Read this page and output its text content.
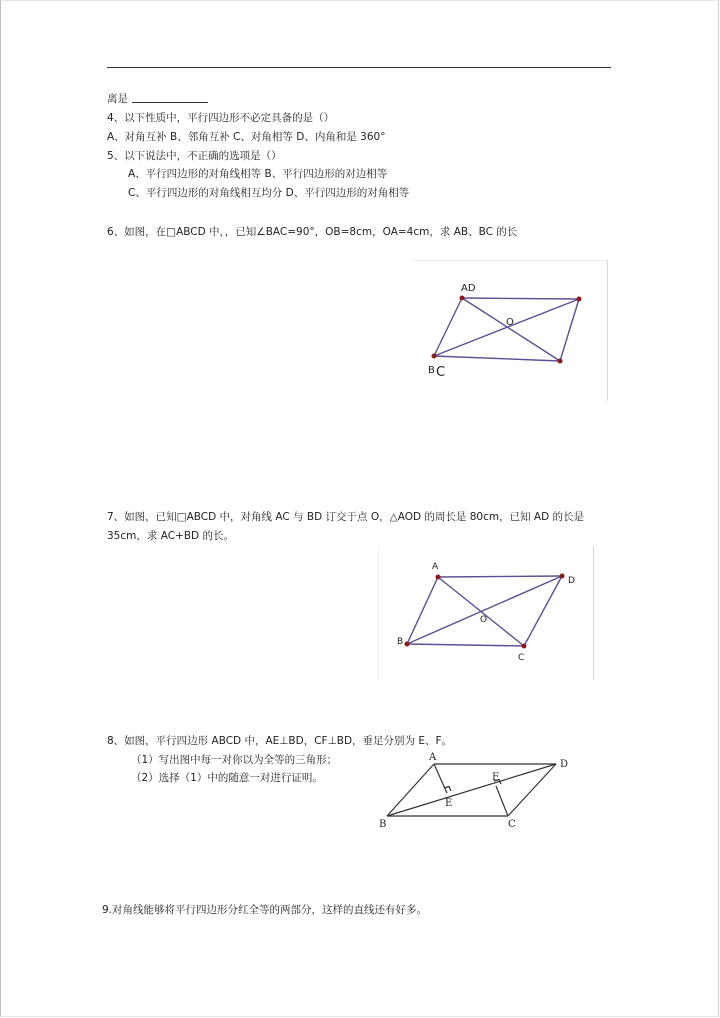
离是
4、以下性质中，平行四边形不必定具备的是（）
A、对角互补 B、邻角互补 C、对角相等 D、内角和是 360°
5、以下说法中，不正确的选项是（）
A、平行四边形的对角线相等 B、平行四边形的对边相等
C、平行四边形的对角线相互均分 D、平行四边形的对角相等
6、如图，在□ABCD 中，，已知∠BAC=90°，OB=8cm，OA=4cm，求 AB、BC 的长
AD
O
B C
7、如图，已知□ABCD 中，对角线 AC 与 BD 订交于点 O，△AOD 的周长是 80cm，已知 AD 的长是
35cm，求 AC+BD 的长。
A
D
O
B
C
8、如图，平行四边形 ABCD 中，AE⊥BD，CF⊥BD，垂足分别为 E、F。
（1）写出图中每一对你以为全等的三角形；
（2）选择（1）中的随意一对进行证明。
A
D
B	C
E
F
9.对角线能够将平行四边形分红全等的两部分，这样的直线还有好多。
